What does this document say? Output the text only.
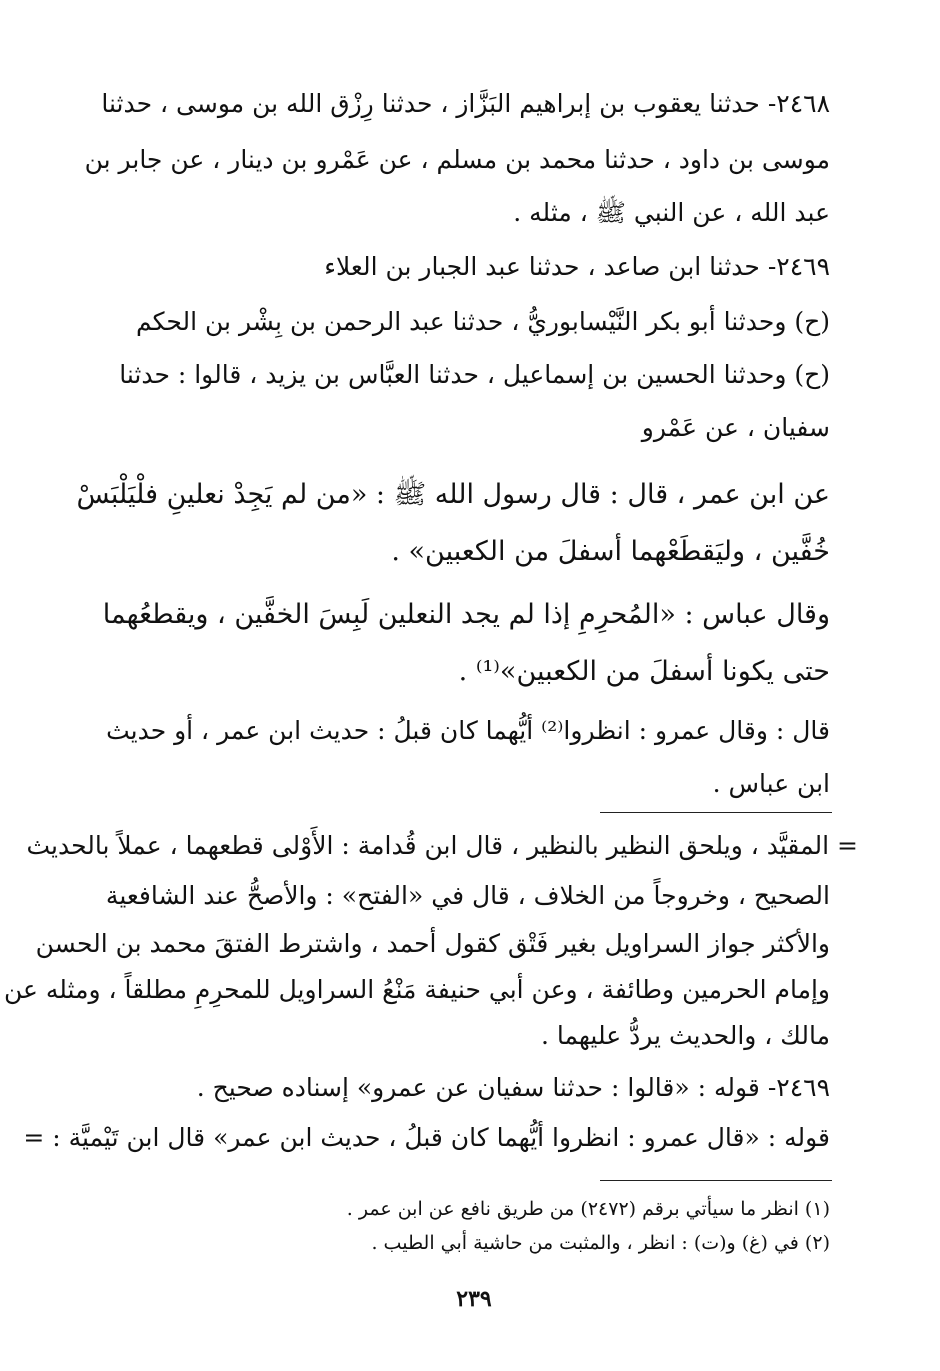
٢٤٦٨- حدثنا يعقوب بن إبراهيم البَزَّاز ، حدثنا رِزْق الله بن موسى ، حدثنا
موسى بن داود ، حدثنا محمد بن مسلم ، عن عَمْرو بن دينار ، عن جابر بن
عبد الله ، عن النبي ﷺ ، مثله .
٢٤٦٩- حدثنا ابن صاعد ، حدثنا عبد الجبار بن العلاء
(ح) وحدثنا أبو بكر النَّيْسابوريُّ ، حدثنا عبد الرحمن بن بِشْر بن الحكم
(ح) وحدثنا الحسين بن إسماعيل ، حدثنا العبَّاس بن يزيد ، قالوا : حدثنا
سفيان ، عن عَمْرو
عن ابن عمر ، قال : قال رسول الله ﷺ : «من لم يَجِدْ نعلينِ فلْيَلْبَسْ
خُفَّين ، وليَقطَعْهما أسفلَ من الكعبين» .
وقال عباس : «المُحرِمِ إذا لم يجد النعلين لَبِسَ الخفَّين ، ويقطعُهما
حتى يكونا أسفلَ من الكعبين»⁽¹⁾ .
قال : وقال عمرو : انظروا⁽²⁾ أيُّهما كان قبلُ : حديث ابن عمر ، أو حديث
ابن عباس .
= المقيَّد ، ويلحق النظير بالنظير ، قال ابن قُدامة : الأَوْلى قطعهما ، عملاً بالحديث
الصحيح ، وخروجاً من الخلاف ، قال في «الفتح» : والأصحُّ عند الشافعية
والأكثر جواز السراويل بغير فَتْق كقول أحمد ، واشترط الفتقَ محمد بن الحسن
وإمام الحرمين وطائفة ، وعن أبي حنيفة مَنْعُ السراويل للمحرِمِ مطلقاً ، ومثله عن
مالك ، والحديث يردُّ عليهما .
٢٤٦٩- قوله : «قالوا : حدثنا سفيان عن عمرو» إسناده صحيح .
قوله : «قال عمرو : انظروا أيُّهما كان قبلُ ، حديث ابن عمر» قال ابن تَيْميَّة : =
(١) انظر ما سيأتي برقم (٢٤٧٢) من طريق نافع عن ابن عمر .
(٢) في (غ) و(ت) : انظر ، والمثبت من حاشية أبي الطيب .
٢٣٩
